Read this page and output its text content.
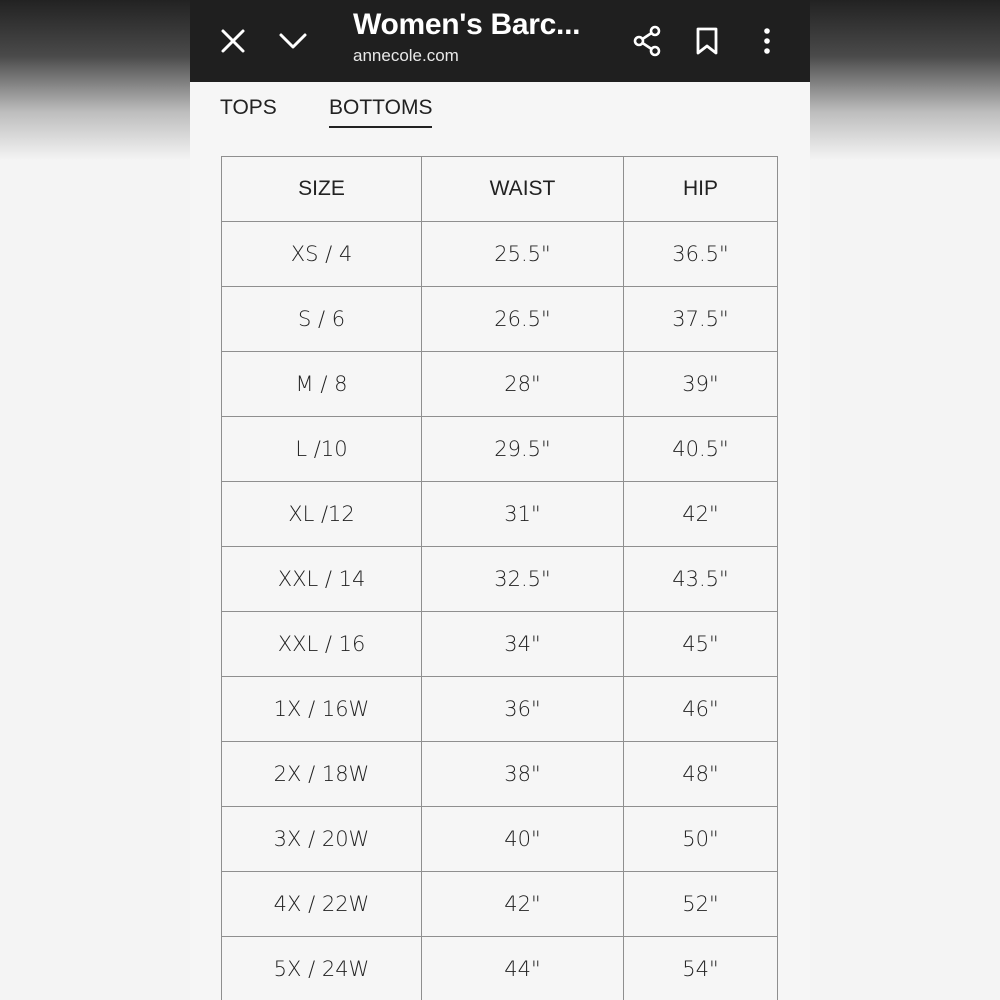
Women's Barc...
annecole.com
TOPS BOTTOMS
SIZE	WAIST	HIP
XS / 4	25.5"	36.5"
S / 6	26.5"	37.5"
M / 8	28"	39"
L /10	29.5"	40.5"
XL /12	31"	42"
XXL / 14	32.5"	43.5"
XXL / 16	34"	45"
1X / 16W	36"	46"
2X / 18W	38"	48"
3X / 20W	40"	50"
4X / 22W	42"	52"
5X / 24W	44"	54"
